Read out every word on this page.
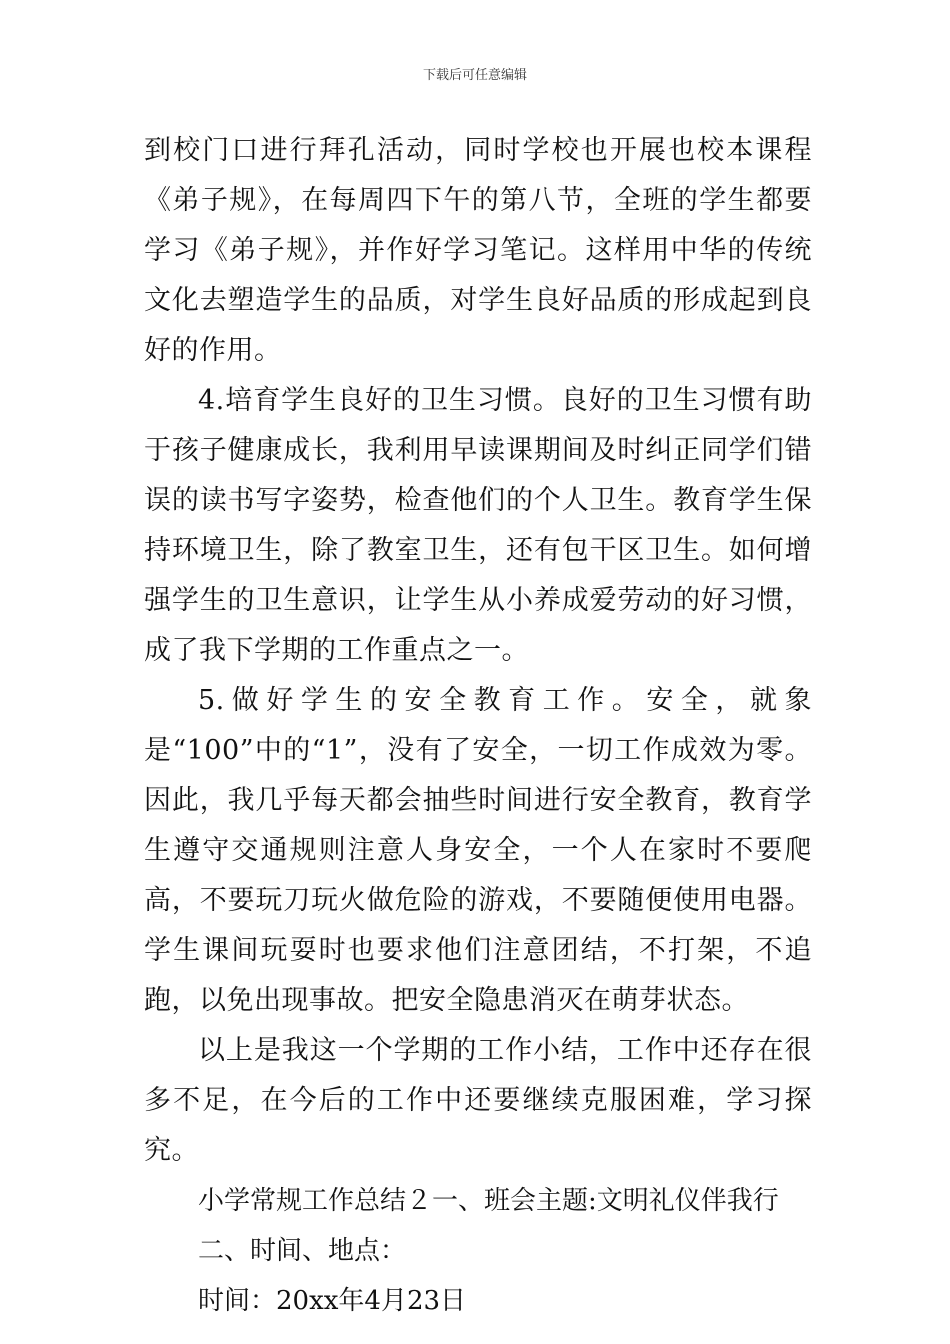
下载后可任意编辑

到校门口进行拜孔活动，同时学校也开展也校本课程《弟子规》，在每周四下午的第八节，全班的学生都要学习《弟子规》，并作好学习笔记。这样用中华的传统文化去塑造学生的品质，对学生良好品质的形成起到良好的作用。

4.培育学生良好的卫生习惯。良好的卫生习惯有助于孩子健康成长，我利用早读课期间及时纠正同学们错误的读书写字姿势，检查他们的个人卫生。教育学生保持环境卫生，除了教室卫生，还有包干区卫生。如何增强学生的卫生意识，让学生从小养成爱劳动的好习惯，成了我下学期的工作重点之一。

5.做好学生的安全教育工作。安全，就象是“100”中的“1”，没有了安全，一切工作成效为零。因此，我几乎每天都会抽些时间进行安全教育，教育学生遵守交通规则注意人身安全，一个人在家时不要爬高，不要玩刀玩火做危险的游戏，不要随便使用电器。学生课间玩耍时也要求他们注意团结，不打架，不追跑，以免出现事故。把安全隐患消灭在萌芽状态。

以上是我这一个学期的工作小结，工作中还存在很多不足，在今后的工作中还要继续克服困难，学习探究。

小学常规工作总结２一、班会主题:文明礼仪伴我行

二、时间、地点：

时间：20xx年4月23日
